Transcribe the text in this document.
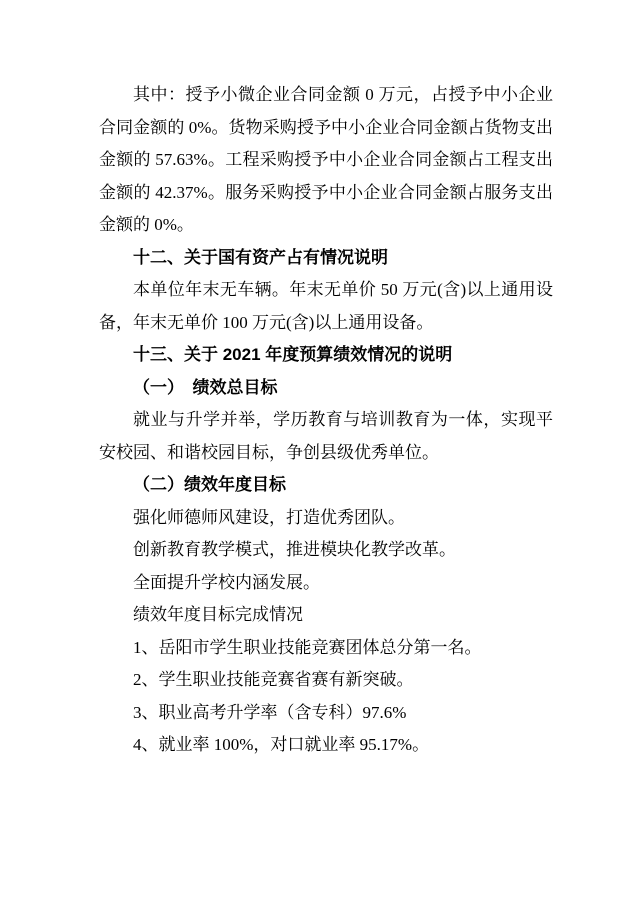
其中：授予小微企业合同金额 0 万元，占授予中小企业合同金额的 0%。货物采购授予中小企业合同金额占货物支出金额的 57.63%。工程采购授予中小企业合同金额占工程支出金额的 42.37%。服务采购授予中小企业合同金额占服务支出金额的 0%。

十二、关于国有资产占有情况说明

本单位年末无车辆。年末无单价 50 万元(含)以上通用设备，年末无单价 100 万元(含)以上通用设备。

十三、关于 2021 年度预算绩效情况的说明
（一）　绩效总目标

就业与升学并举，学历教育与培训教育为一体，实现平安校园、和谐校园目标，争创县级优秀单位。

（二）绩效年度目标

强化师德师风建设，打造优秀团队。

创新教育教学模式，推进模块化教学改革。

全面提升学校内涵发展。

绩效年度目标完成情况

1、岳阳市学生职业技能竞赛团体总分第一名。

2、学生职业技能竞赛省赛有新突破。

3、职业高考升学率（含专科）97.6%

4、就业率 100%，对口就业率 95.17%。
